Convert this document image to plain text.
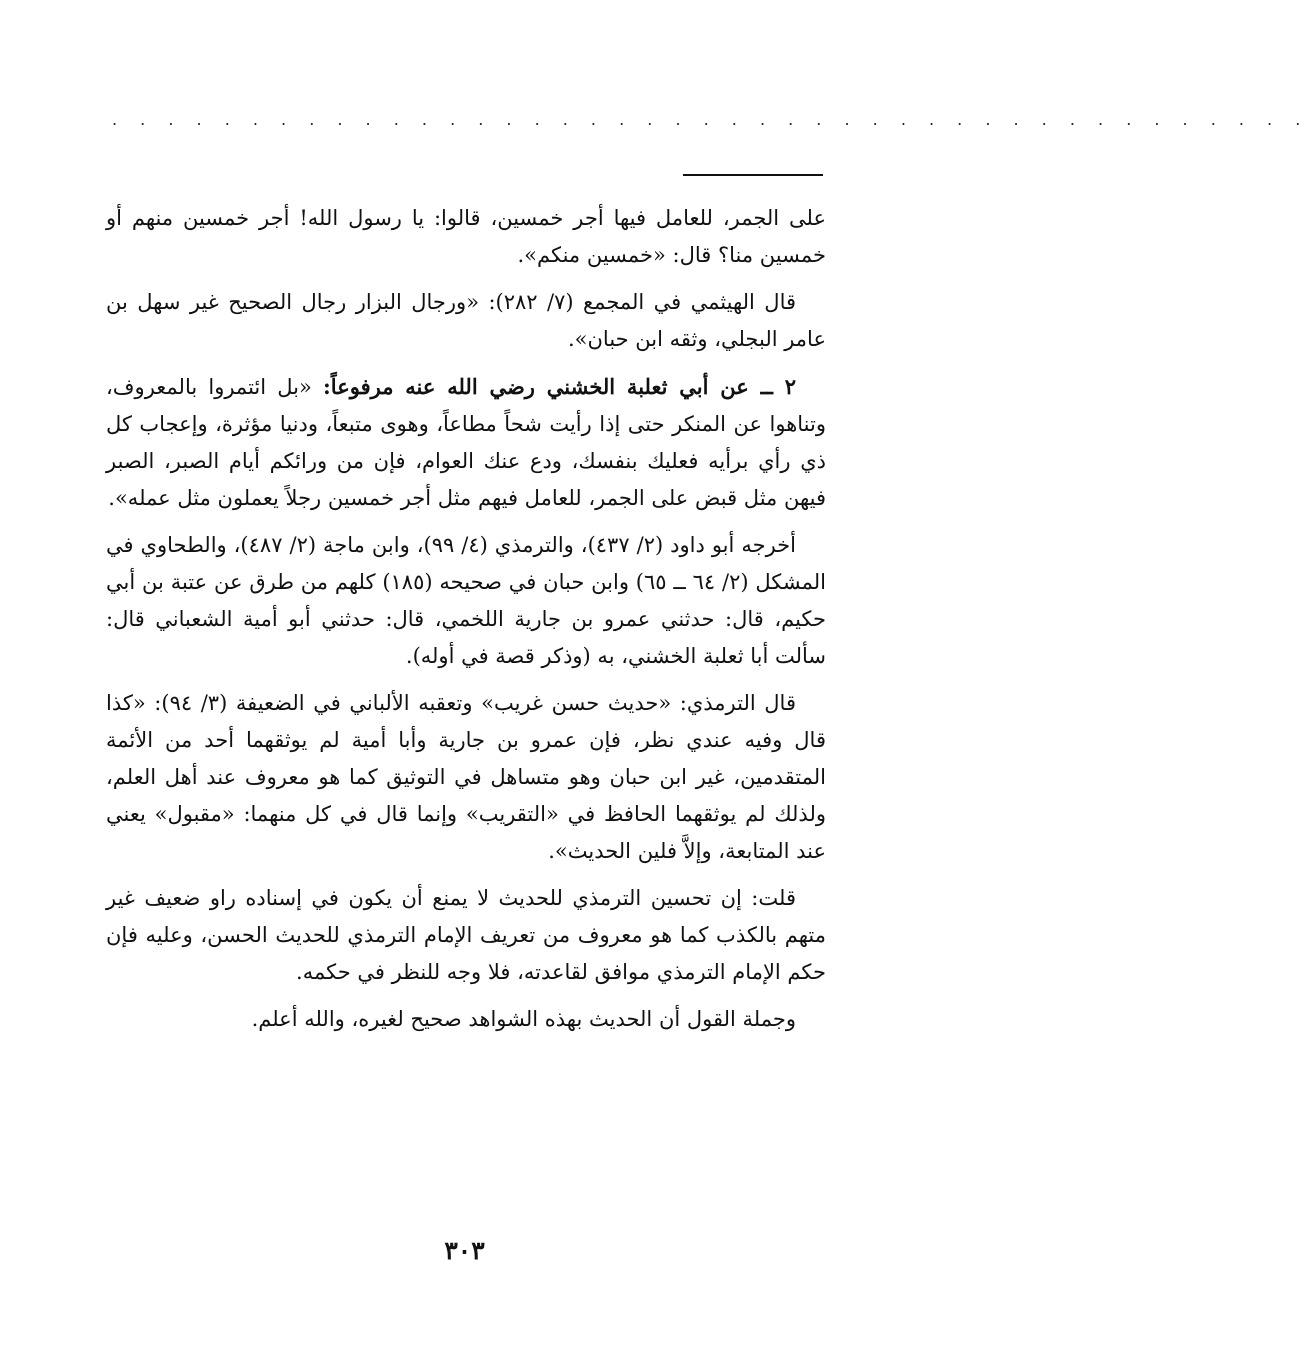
. . . . . . . . . . . . . . . . . . . . . . . . . . . . . . . . . . . . . . . . . . .

على الجمر، للعامل فيها أجر خمسين، قالوا: يا رسول الله! أجر خمسين منهم أو خمسين منا؟ قال: «خمسين منكم».

قال الهيثمي في المجمع (٧/ ٢٨٢): «ورجال البزار رجال الصحيح غير سهل بن عامر البجلي، وثقه ابن حبان».

٢ ــ عن أبي ثعلبة الخشني رضي الله عنه مرفوعاً: «بل ائتمروا بالمعروف، وتناهوا عن المنكر حتى إذا رأيت شحاً مطاعاً، وهوى متبعاً، ودنيا مؤثرة، وإعجاب كل ذي رأي برأيه فعليك بنفسك، ودع عنك العوام، فإن من ورائكم أيام الصبر، الصبر فيهن مثل قبض على الجمر، للعامل فيهم مثل أجر خمسين رجلاً يعملون مثل عمله».

أخرجه أبو داود (٢/ ٤٣٧)، والترمذي (٤/ ٩٩)، وابن ماجة (٢/ ٤٨٧)، والطحاوي في المشكل (٢/ ٦٤ ــ ٦٥) وابن حبان في صحيحه (١٨٥) كلهم من طرق عن عتبة بن أبي حكيم، قال: حدثني عمرو بن جارية اللخمي، قال: حدثني أبو أمية الشعباني قال: سألت أبا ثعلبة الخشني، به (وذكر قصة في أوله).

قال الترمذي: «حديث حسن غريب» وتعقبه الألباني في الضعيفة (٣/ ٩٤): «كذا قال وفيه عندي نظر، فإن عمرو بن جارية وأبا أمية لم يوثقهما أحد من الأئمة المتقدمين، غير ابن حبان وهو متساهل في التوثيق كما هو معروف عند أهل العلم، ولذلك لم يوثقهما الحافظ في «التقريب» وإنما قال في كل منهما: «مقبول» يعني عند المتابعة، وإلاَّ فلين الحديث».

قلت: إن تحسين الترمذي للحديث لا يمنع أن يكون في إسناده راو ضعيف غير متهم بالكذب كما هو معروف من تعريف الإمام الترمذي للحديث الحسن، وعليه فإن حكم الإمام الترمذي موافق لقاعدته، فلا وجه للنظر في حكمه.

وجملة القول أن الحديث بهذه الشواهد صحيح لغيره، والله أعلم.

٣٠٣
